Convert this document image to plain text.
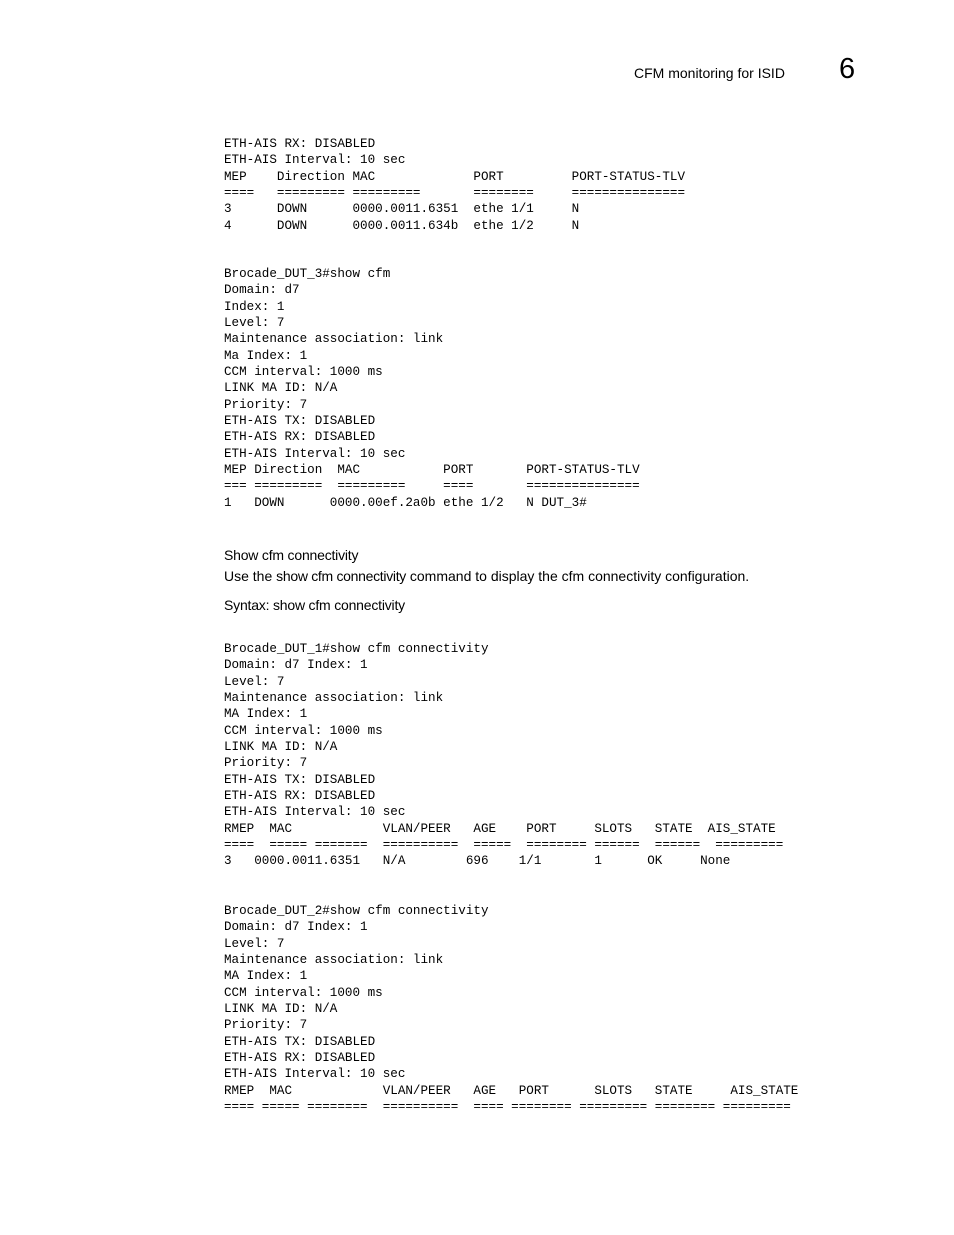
CFM monitoring for ISID 6
ETH-AIS RX: DISABLED
ETH-AIS Interval: 10 sec
MEP    Direction MAC             PORT         PORT-STATUS-TLV
====   ========= =========       ========     ===============
3      DOWN      0000.0011.6351  ethe 1/1     N
4      DOWN      0000.0011.634b  ethe 1/2     N
Brocade_DUT_3#show cfm
Domain: d7
Index: 1
Level: 7
Maintenance association: link
Ma Index: 1
CCM interval: 1000 ms
LINK MA ID: N/A
Priority: 7
ETH-AIS TX: DISABLED
ETH-AIS RX: DISABLED
ETH-AIS Interval: 10 sec
MEP Direction  MAC           PORT       PORT-STATUS-TLV
=== =========  =========     ====       ===============
1   DOWN      0000.00ef.2a0b ethe 1/2   N DUT_3#
Show cfm connectivity
Use the show cfm connectivity command to display the cfm connectivity configuration.
Syntax: show cfm connectivity
Brocade_DUT_1#show cfm connectivity
Domain: d7 Index: 1
Level: 7
Maintenance association: link
MA Index: 1
CCM interval: 1000 ms
LINK MA ID: N/A
Priority: 7
ETH-AIS TX: DISABLED
ETH-AIS RX: DISABLED
ETH-AIS Interval: 10 sec
RMEP  MAC            VLAN/PEER   AGE    PORT     SLOTS   STATE  AIS_STATE
====  ===== =======  ==========  =====  ======== ======  ======  =========
3   0000.0011.6351   N/A        696    1/1       1      OK     None
Brocade_DUT_2#show cfm connectivity
Domain: d7 Index: 1
Level: 7
Maintenance association: link
MA Index: 1
CCM interval: 1000 ms
LINK MA ID: N/A
Priority: 7
ETH-AIS TX: DISABLED
ETH-AIS RX: DISABLED
ETH-AIS Interval: 10 sec
RMEP  MAC            VLAN/PEER   AGE   PORT      SLOTS   STATE     AIS_STATE
==== ===== ========  ==========  ==== ======== ========= ======== =========
